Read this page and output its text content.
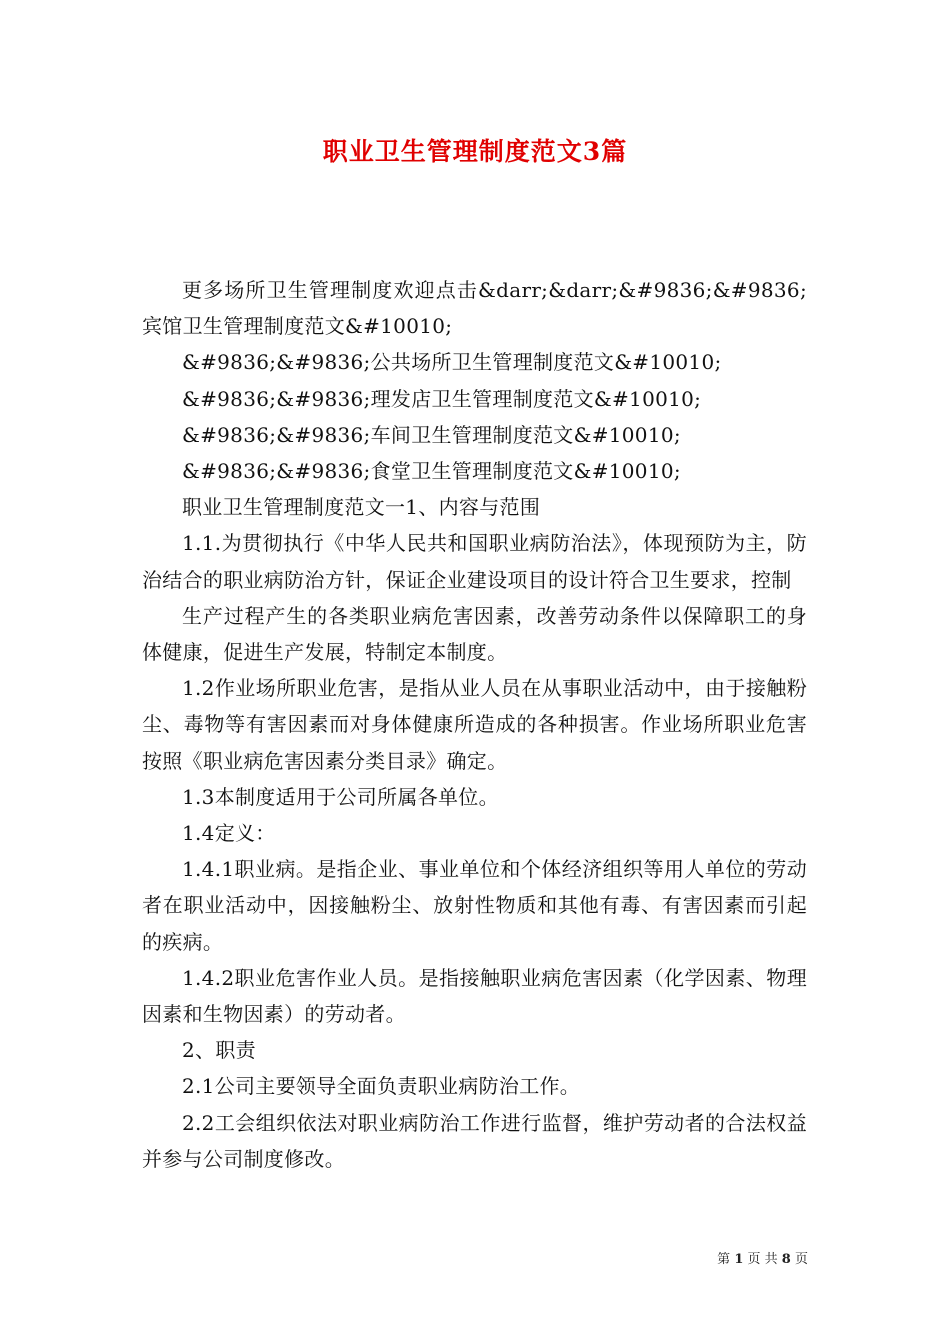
职业卫生管理制度范文3篇

更多场所卫生管理制度欢迎点击&darr;&darr;&#9836;&#9836;宾馆卫生管理制度范文&#10010;

&#9836;&#9836;公共场所卫生管理制度范文&#10010;

&#9836;&#9836;理发店卫生管理制度范文&#10010;

&#9836;&#9836;车间卫生管理制度范文&#10010;

&#9836;&#9836;食堂卫生管理制度范文&#10010;

职业卫生管理制度范文一1、内容与范围

1.1.为贯彻执行《中华人民共和国职业病防治法》，体现预防为主，防治结合的职业病防治方针，保证企业建设项目的设计符合卫生要求，控制

生产过程产生的各类职业病危害因素，改善劳动条件以保障职工的身体健康，促进生产发展，特制定本制度。

1.2作业场所职业危害，是指从业人员在从事职业活动中，由于接触粉尘、毒物等有害因素而对身体健康所造成的各种损害。作业场所职业危害按照《职业病危害因素分类目录》确定。

1.3本制度适用于公司所属各单位。

1.4定义：

1.4.1职业病。是指企业、事业单位和个体经济组织等用人单位的劳动者在职业活动中，因接触粉尘、放射性物质和其他有毒、有害因素而引起的疾病。

1.4.2职业危害作业人员。是指接触职业病危害因素（化学因素、物理因素和生物因素）的劳动者。

2、职责

2.1公司主要领导全面负责职业病防治工作。

2.2工会组织依法对职业病防治工作进行监督，维护劳动者的合法权益并参与公司制度修改。

第 1 页 共 8 页
